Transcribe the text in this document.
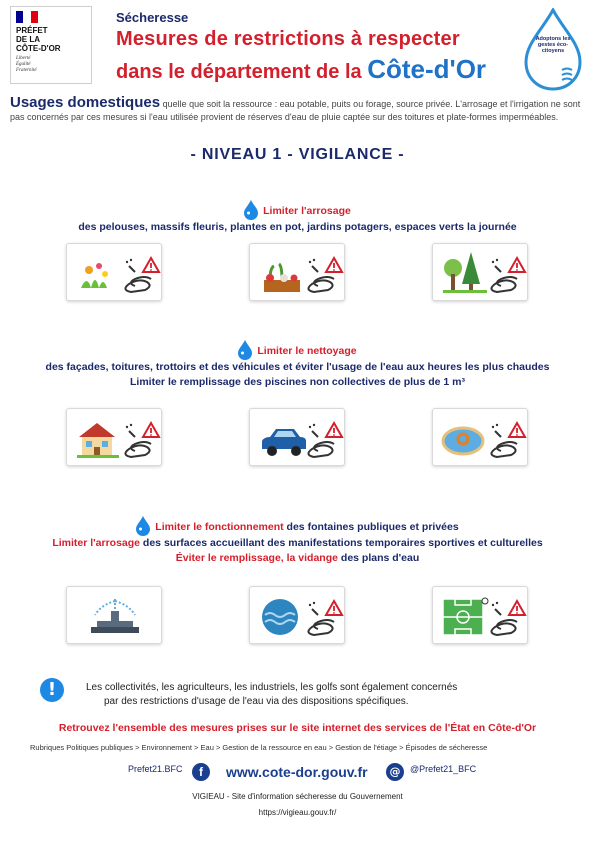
PRÉFET
DE LA
CÔTE-D'OR
Liberté
Égalité
Fraternité
Sécheresse
Mesures de restrictions à respecter
dans le département de la Côte-d'Or
Adoptons les gestes éco-citoyens
Usages domestiques quelle que soit la ressource : eau potable, puits ou forage, source privée. L'arrosage et l'irrigation ne sont pas concernés par ces mesures si l'eau utilisée provient de réserves d'eau de pluie captée sur des toitures et plate-formes imperméables.
- NIVEAU 1 - VIGILANCE -
Limiter l'arrosage
des pelouses, massifs fleuris, plantes en pot, jardins potagers, espaces verts la journée
Limiter le nettoyage
des façades, toitures, trottoirs et des véhicules et éviter l'usage de l'eau aux heures les plus chaudes
Limiter le remplissage des piscines non collectives de plus de 1 m³
Limiter le fonctionnement des fontaines publiques et privées
Limiter l'arrosage des surfaces accueillant des manifestations temporaires sportives et culturelles
Éviter le remplissage, la vidange des plans d'eau
!	Les collectivités, les agriculteurs, les industriels, les golfs sont également concernés
par des restrictions d'usage de l'eau via des dispositions spécifiques.
Retrouvez l'ensemble des mesures prises sur le site internet des services de l'État en Côte-d'Or
Rubriques Politiques publiques > Environnement > Eau > Gestion de la ressource en eau > Gestion de l'étiage > Épisodes de sécheresse
Prefet21.BFC	f	www.cote-dor.gouv.fr	@	@Prefet21_BFC
VIGIEAU - Site d'information sécheresse du Gouvernement
https://vigieau.gouv.fr/
